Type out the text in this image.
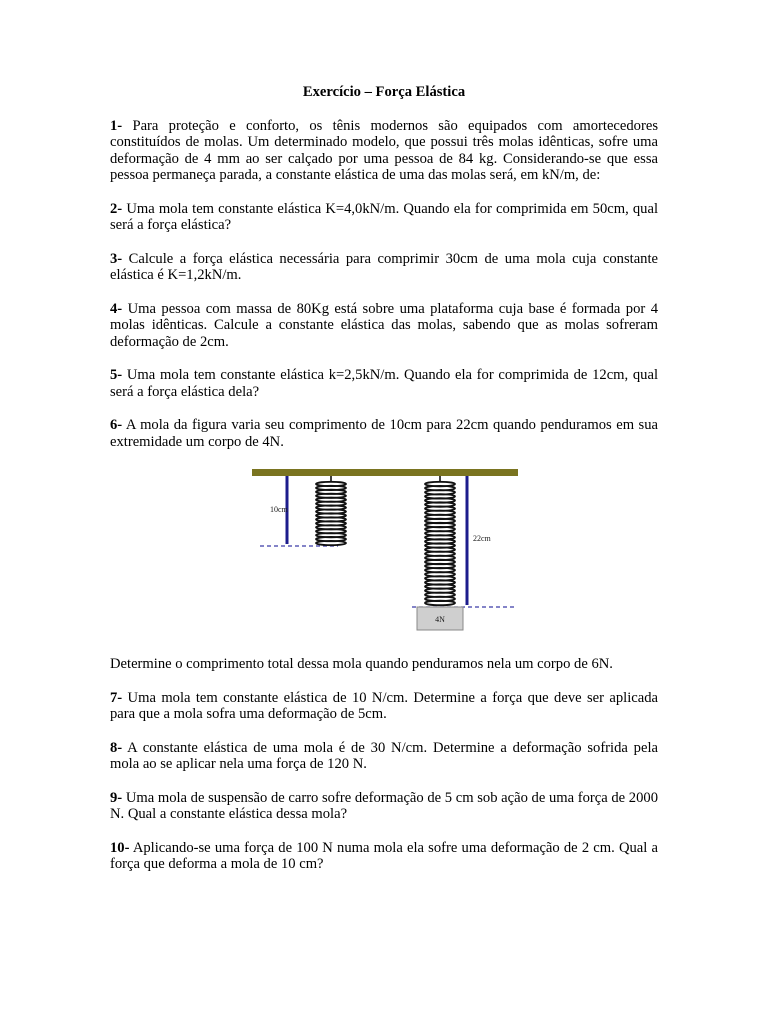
Exercício – Força Elástica

1- Para proteção e conforto, os tênis modernos são equipados com amortecedores constituídos de molas. Um determinado modelo, que possui três molas idênticas, sofre uma deformação de 4 mm ao ser calçado por uma pessoa de 84 kg. Considerando-se que essa pessoa permaneça parada, a constante elástica de uma das molas será, em kN/m, de:

2- Uma mola tem constante elástica K=4,0kN/m. Quando ela for comprimida em 50cm, qual será a força elástica?

3- Calcule a força elástica necessária para comprimir 30cm de uma mola cuja constante elástica é K=1,2kN/m.

4- Uma pessoa com massa de 80Kg está sobre uma plataforma cuja base é formada por 4 molas idênticas. Calcule a constante elástica das molas, sabendo que as molas sofreram deformação de 2cm.

5- Uma mola tem constante elástica k=2,5kN/m. Quando ela for comprimida de 12cm, qual será a força elástica dela?

6- A mola da figura varia seu comprimento de 10cm para 22cm quando penduramos em sua extremidade um corpo de 4N.

10cm
22cm
4N

Determine o comprimento total dessa mola quando penduramos nela um corpo de 6N.

7- Uma mola tem constante elástica de 10 N/cm. Determine a força que deve ser aplicada para que a mola sofra uma deformação de 5cm.

8- A constante elástica de uma mola é de 30 N/cm. Determine a deformação sofrida pela mola ao se aplicar nela uma força de 120 N.

9- Uma mola de suspensão de carro sofre deformação de 5 cm sob ação de uma força de 2000 N. Qual a constante elástica dessa mola?

10- Aplicando-se uma força de 100 N numa mola ela sofre uma deformação de 2 cm. Qual a força que deforma a mola de 10 cm?
